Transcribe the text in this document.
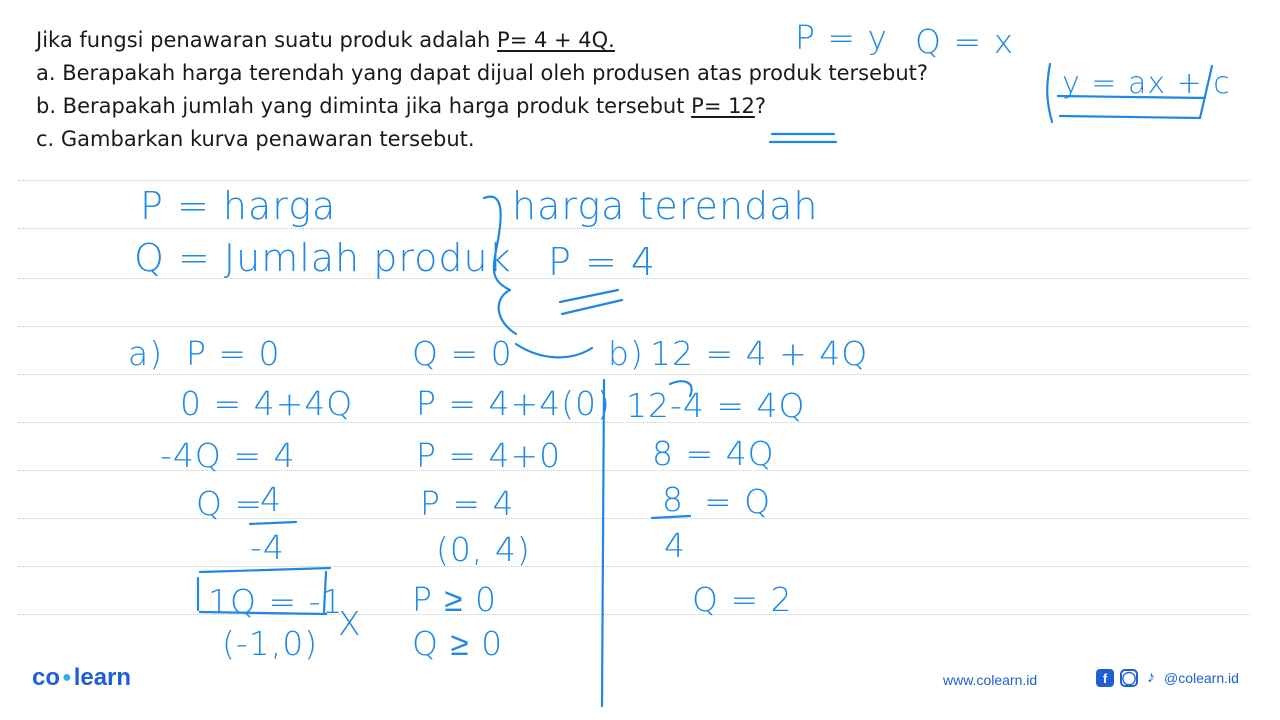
Jika fungsi penawaran suatu produk adalah P= 4 + 4Q.
a. Berapakah harga terendah yang dapat dijual oleh produsen atas produk tersebut?
b. Berapakah jumlah yang diminta jika harga produk tersebut P= 12?
c. Gambarkan kurva penawaran tersebut.
P = y Q = x
y = ax + c
P = harga
Q = Jumlah produk
harga terendah
P = 4
a) P = 0
0 = 4+4Q
-4Q = 4
Q =
4
-4
1Q = -1
(-1,0)
X
Q = 0
P = 4+4(0)
P = 4+0
P = 4
(0, 4)
P ≥ 0
Q ≥ 0
b) 12 = 4 + 4Q
12-4 = 4Q
8 = 4Q
8
4
= Q
Q = 2
co ●learn	www.colearn.id	f	◯ ♪ @colearn.id
